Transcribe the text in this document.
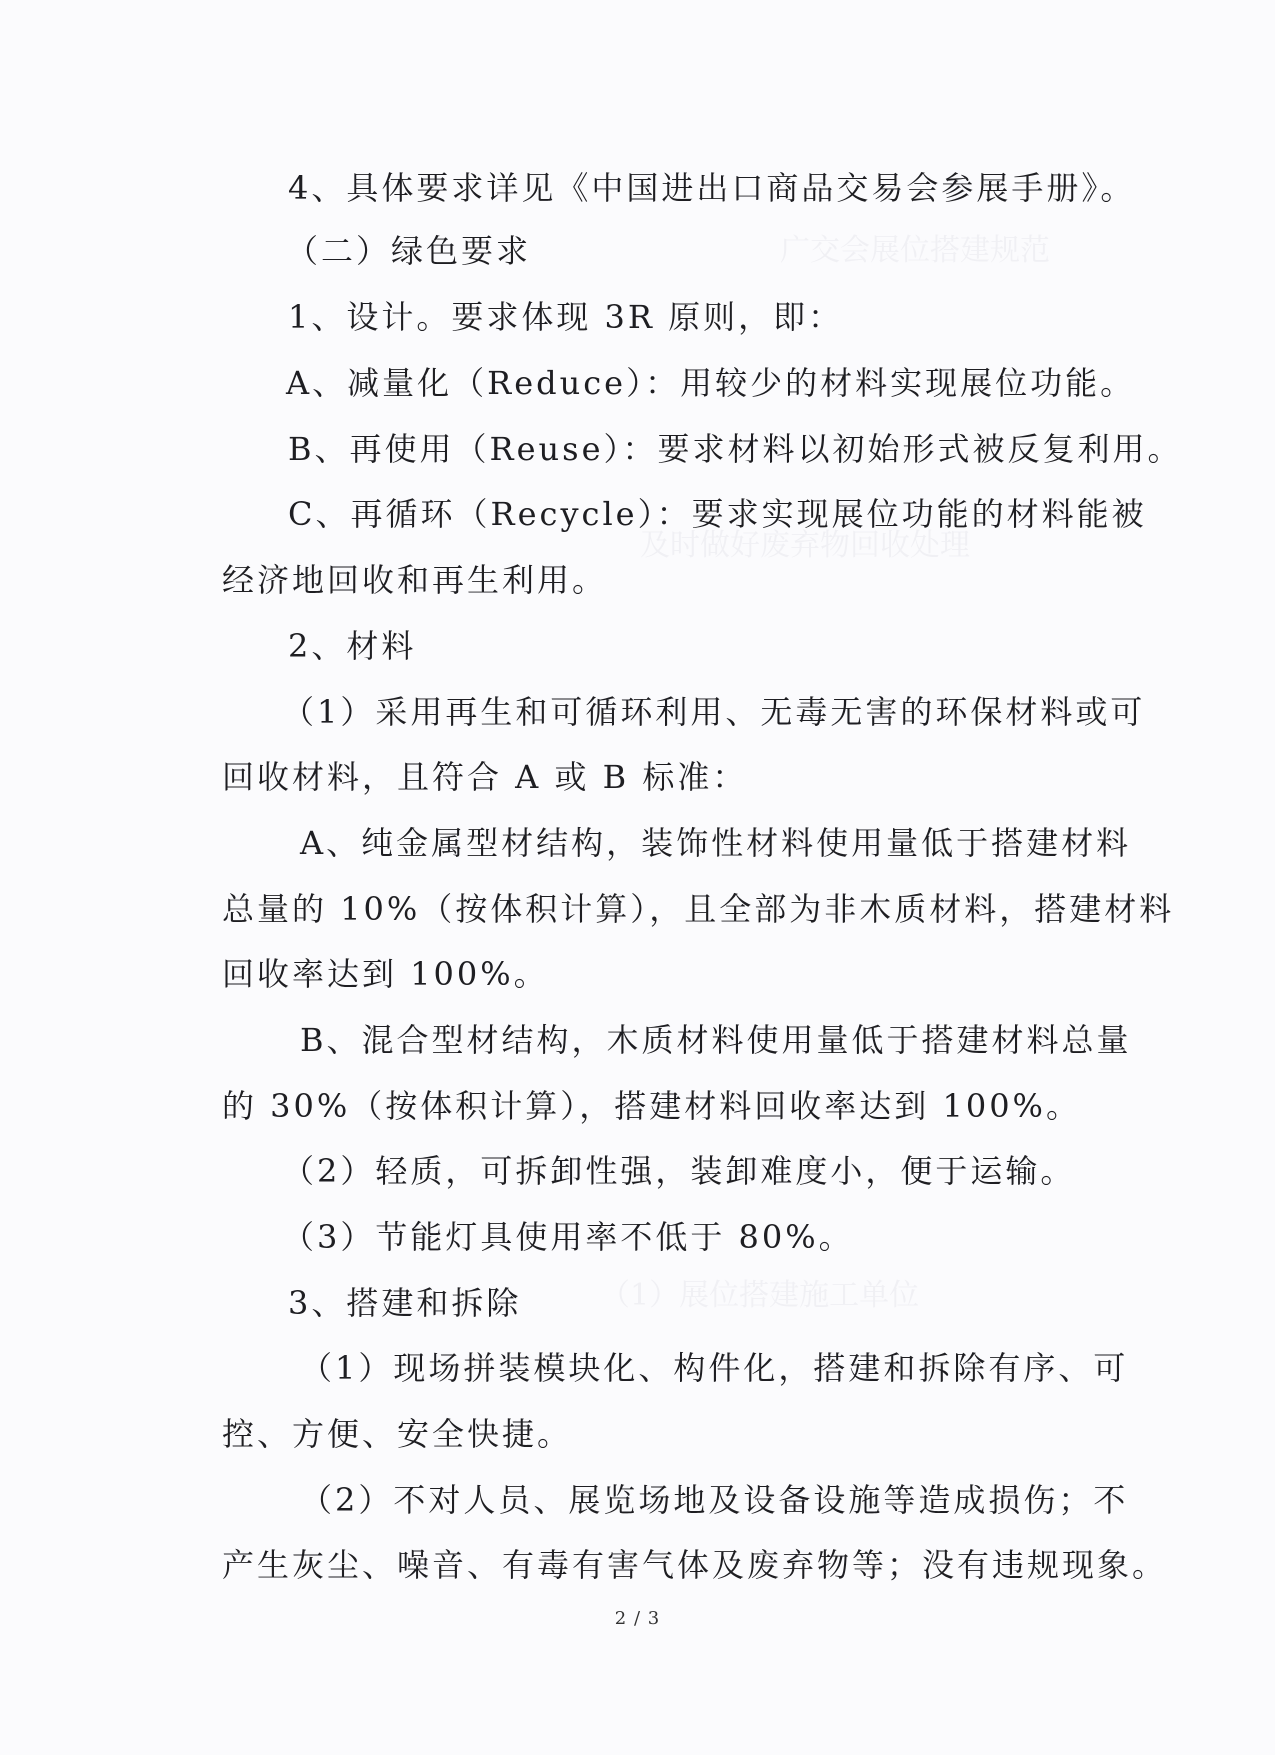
广交会展位搭建规范
及时做好废弃物回收处理
（1）展位搭建施工单位
4、具体要求详见《中国进出口商品交易会参展手册》。
（二）绿色要求
1、设计。要求体现 3R 原则，即：
A、减量化（Reduce）：用较少的材料实现展位功能。
B、再使用（Reuse）：要求材料以初始形式被反复利用。
C、再循环（Recycle）：要求实现展位功能的材料能被
经济地回收和再生利用。
2、材料
（1）采用再生和可循环利用、无毒无害的环保材料或可
回收材料，且符合 A 或 B 标准：
A、纯金属型材结构，装饰性材料使用量低于搭建材料
总量的 10%（按体积计算），且全部为非木质材料，搭建材料
回收率达到 100%。
B、混合型材结构，木质材料使用量低于搭建材料总量
的 30%（按体积计算），搭建材料回收率达到 100%。
（2）轻质，可拆卸性强，装卸难度小，便于运输。
（3）节能灯具使用率不低于 80%。
3、搭建和拆除
（1）现场拼装模块化、构件化，搭建和拆除有序、可
控、方便、安全快捷。
（2）不对人员、展览场地及设备设施等造成损伤；不
产生灰尘、噪音、有毒有害气体及废弃物等；没有违规现象。
2 / 3
